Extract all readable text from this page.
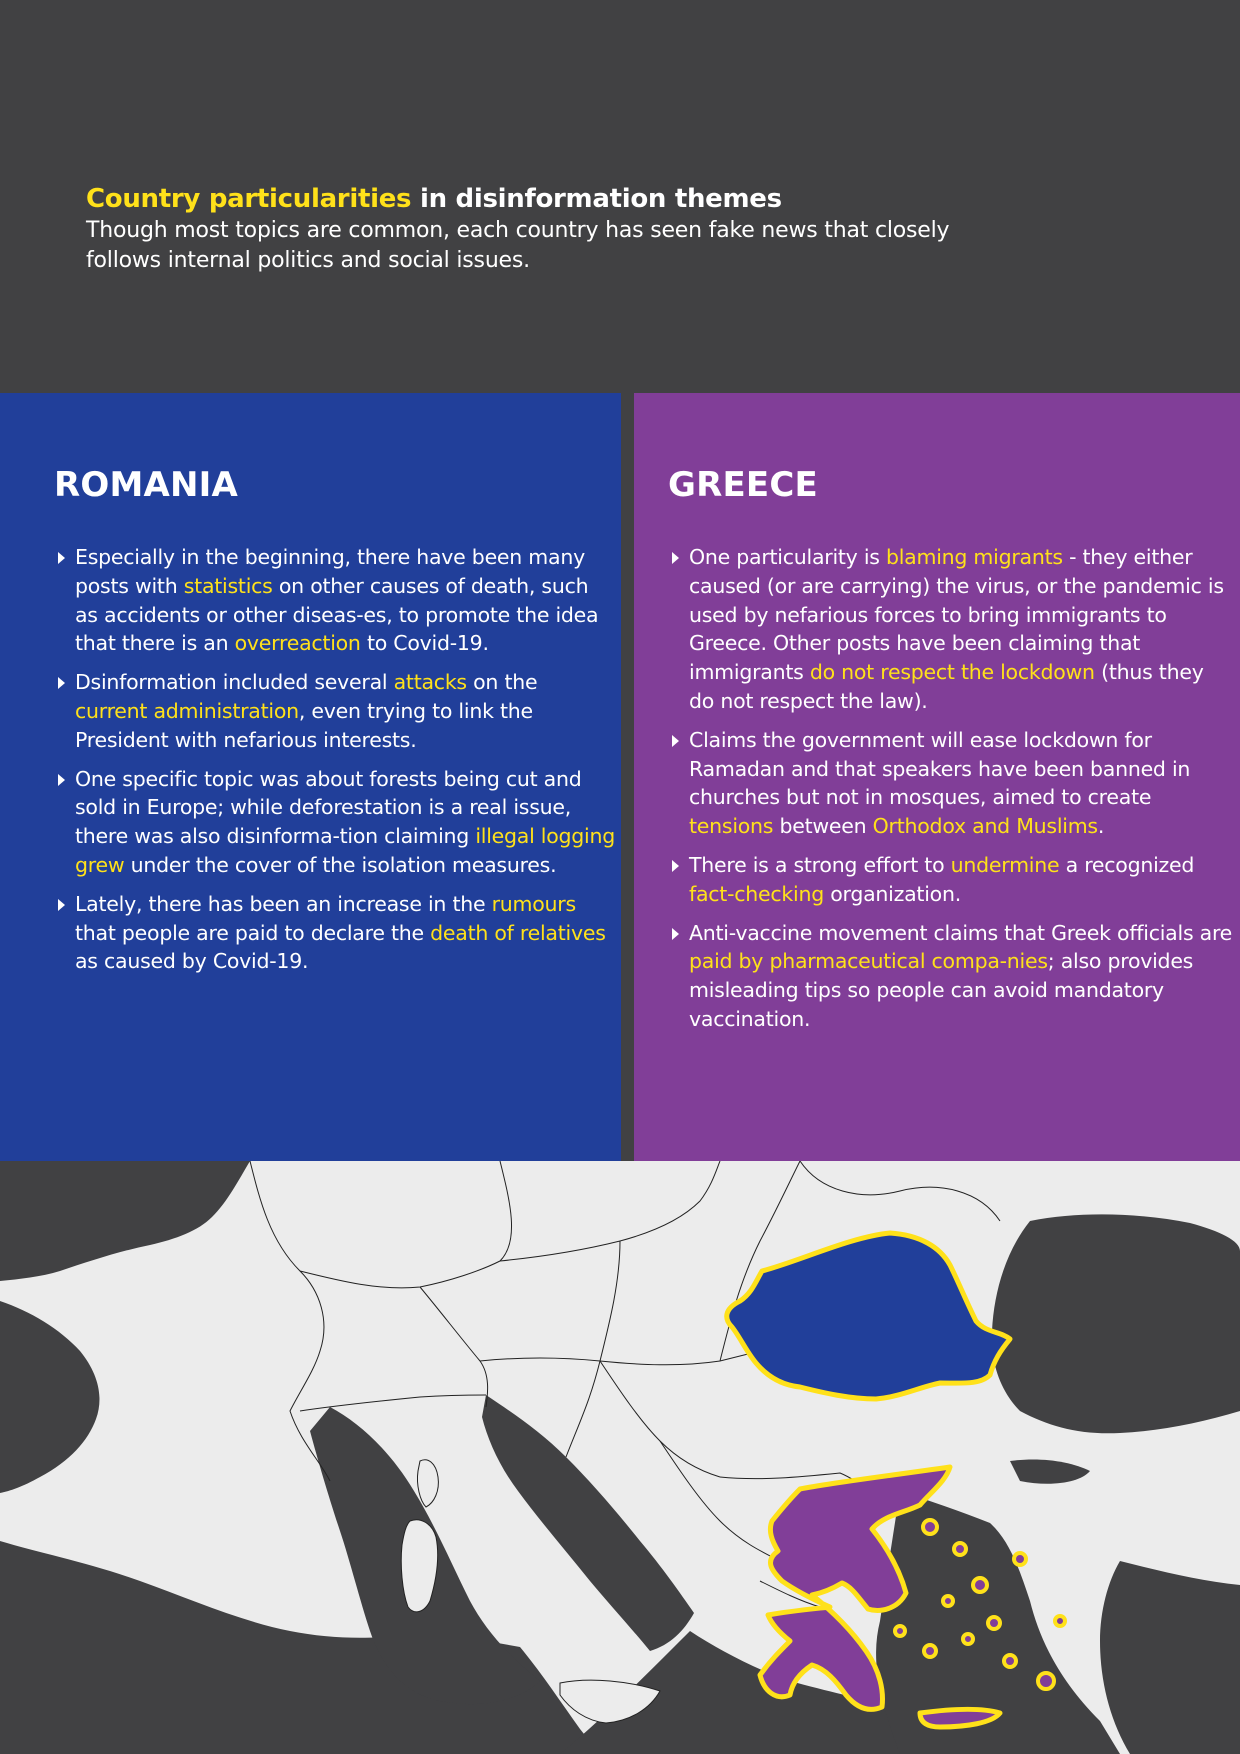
Country particularities in disinformation themes

Though most topics are common, each country has seen fake news that closely
follows internal politics and social issues.

ROMANIA
Especially in the beginning, there have been many posts with statistics on other causes of death, such as accidents or other diseas-es, to promote the idea that there is an overreaction to Covid-19.
Dsinformation included several attacks on the current administration, even trying to link the President with nefarious interests.
One specific topic was about forests being cut and sold in Europe; while deforestation is a real issue, there was also disinforma-tion claiming illegal logging grew under the cover of the isolation measures.
Lately, there has been an increase in the rumours that people are paid to declare the death of relatives as caused by Covid-19.
GREECE
One particularity is blaming migrants - they either caused (or are carrying) the virus, or the pandemic is used by nefarious forces to bring immigrants to Greece. Other posts have been claiming that immigrants do not respect the lockdown (thus they do not respect the law).
Claims the government will ease lockdown for Ramadan and that speakers have been banned in churches but not in mosques, aimed to create tensions between Orthodox and Muslims.
There is a strong effort to undermine a recognized fact-checking organization.
Anti-vaccine movement claims that Greek officials are paid by pharmaceutical compa-nies; also provides misleading tips so people can avoid mandatory vaccination.
